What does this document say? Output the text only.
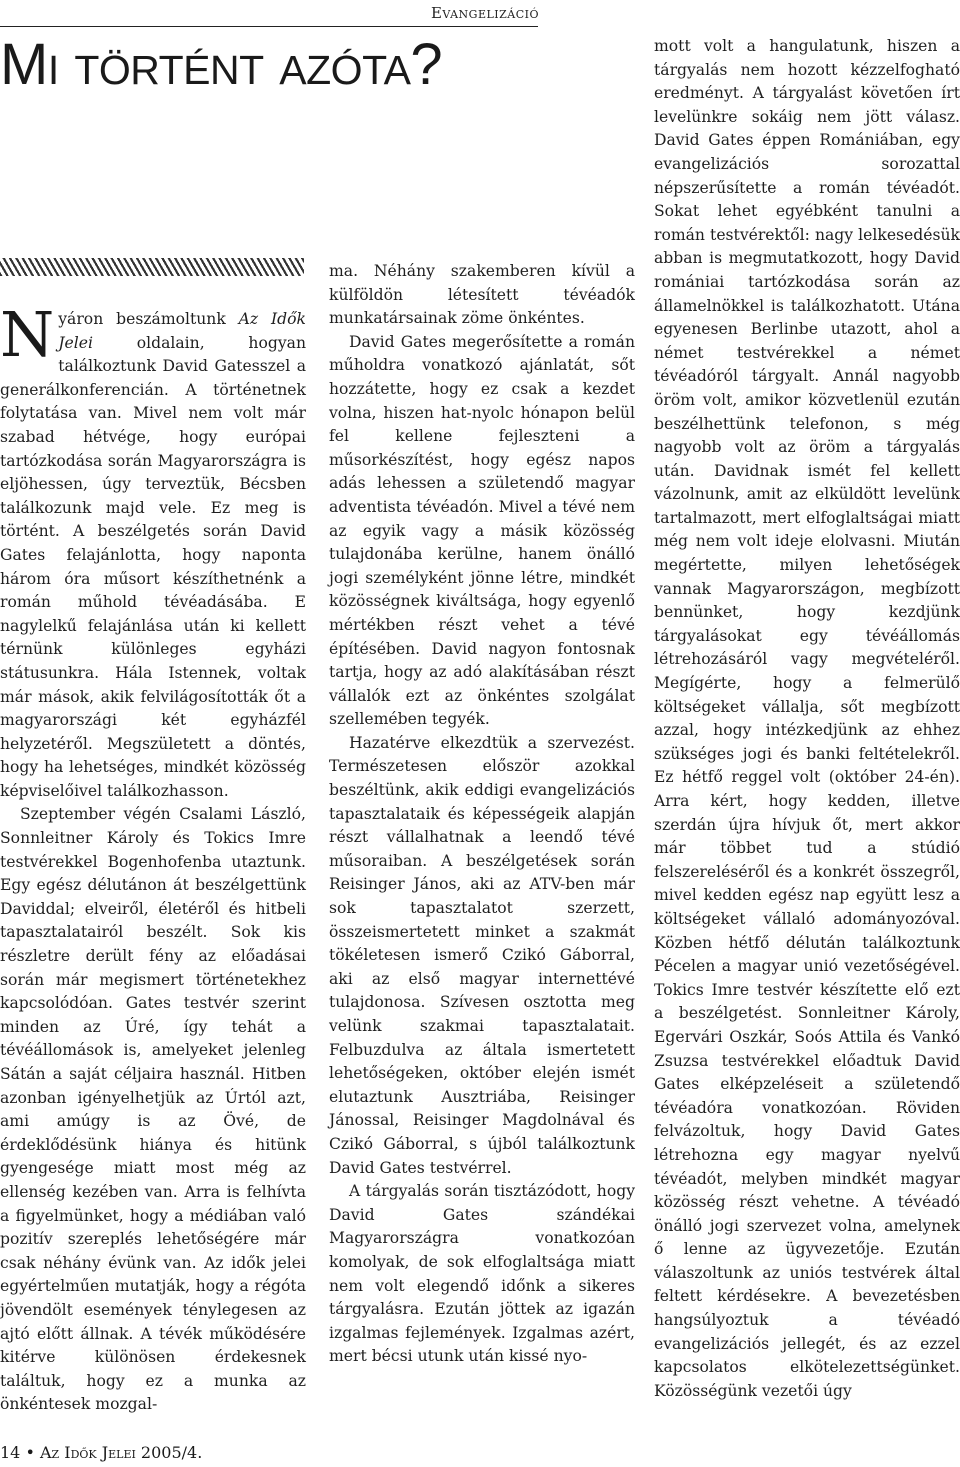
Evangelizáció
Mi történt azóta?

Nyáron beszámoltunk Az Idők Jelei oldalain, hogyan találkoztunk David Gatesszel a generálkonferencián. A történetnek folytatása van. Mivel nem volt már szabad hétvége, hogy európai tartózkodása során Magyarországra is eljöhessen, úgy terveztük, Bécsben találkozunk majd vele. Ez meg is történt. A beszélgetés során David Gates felajánlotta, hogy naponta három óra műsort készíthetnénk a román műhold tévéadásába. E nagylelkű felajánlása után ki kellett térnünk különleges egyházi státusunkra. Hála Istennek, voltak már mások, akik felvilágosították őt a magyarországi két egyházfél helyzetéről. Megszületett a döntés, hogy ha lehetséges, mindkét közösség képviselőivel találkozhasson.

Szeptember végén Csalami László, Sonnleitner Károly és Tokics Imre testvérekkel Bogenhofenba utaztunk. Egy egész délutánon át beszélgettünk Daviddal; elveiről, életéről és hitbeli tapasztalatairól beszélt. Sok kis részletre derült fény az előadásai során már megismert történetekhez kapcsolódóan. Gates testvér szerint minden az Úré, így tehát a tévéállomások is, amelyeket jelenleg Sátán a saját céljaira használ. Hitben azonban igényelhetjük az Úrtól azt, ami amúgy is az Övé, de érdeklődésünk hiánya és hitünk gyengesége miatt most még az ellenség kezében van. Arra is felhívta a figyelmünket, hogy a médiában való pozitív szereplés lehetőségére már csak néhány évünk van. Az idők jelei egyértelműen mutatják, hogy a régóta jövendölt események ténylegesen az ajtó előtt állnak. A tévék működésére kitérve különösen érdekesnek találtuk, hogy ez a munka az önkéntesek mozgal-

ma. Néhány szakemberen kívül a külföldön létesített tévéadók munkatársainak zöme önkéntes.

David Gates megerősítette a román műholdra vonatkozó ajánlatát, sőt hozzátette, hogy ez csak a kezdet volna, hiszen hat-nyolc hónapon belül fel kellene fejleszteni a műsorkészítést, hogy egész napos adás lehessen a születendő magyar adventista tévéadón. Mivel a tévé nem az egyik vagy a másik közösség tulajdonába kerülne, hanem önálló jogi személyként jönne létre, mindkét közösségnek kiváltsága, hogy egyenlő mértékben részt vehet a tévé építésében. David nagyon fontosnak tartja, hogy az adó alakításában részt vállalók ezt az önkéntes szolgálat szellemében tegyék.

Hazatérve elkezdtük a szervezést. Természetesen először azokkal beszéltünk, akik eddigi evangelizációs tapasztalataik és képességeik alapján részt vállalhatnak a leendő tévé műsoraiban. A beszélgetések során Reisinger János, aki az ATV-ben már sok tapasztalatot szerzett, összeismertetett minket a szakmát tökéletesen ismerő Czikó Gáborral, aki az első magyar internettévé tulajdonosa. Szívesen osztotta meg velünk szakmai tapasztalatait. Felbuzdulva az általa ismertetett lehetőségeken, október elején ismét elutaztunk Ausztriába, Reisinger Jánossal, Reisinger Magdolnával és Czikó Gáborral, s újból találkoztunk David Gates testvérrel.

A tárgyalás során tisztázódott, hogy David Gates szándékai Magyarországra vonatkozóan komolyak, de sok elfoglaltsága miatt nem volt elegendő időnk a sikeres tárgyalásra. Ezután jöttek az igazán izgalmas fejlemények. Izgalmas azért, mert bécsi utunk után kissé nyo-

mott volt a hangulatunk, hiszen a tárgyalás nem hozott kézzelfogható eredményt. A tárgyalást követően írt levelünkre sokáig nem jött válasz. David Gates éppen Romániában, egy evangelizációs sorozattal népszerűsítette a román tévéadót. Sokat lehet egyébként tanulni a román testvérektől: nagy lelkesedésük abban is megmutatkozott, hogy David romániai tartózkodása során az államelnökkel is találkozhatott. Utána egyenesen Berlinbe utazott, ahol a német testvérekkel a német tévéadóról tárgyalt. Annál nagyobb öröm volt, amikor közvetlenül ezután beszélhettünk telefonon, s még nagyobb volt az öröm a tárgyalás után. Davidnak ismét fel kellett vázolnunk, amit az elküldött levelünk tartalmazott, mert elfoglaltságai miatt még nem volt ideje elolvasni. Miután megértette, milyen lehetőségek vannak Magyarországon, megbízott bennünket, hogy kezdjünk tárgyalásokat egy tévéállomás létrehozásáról vagy megvételéről. Megígérte, hogy a felmerülő költségeket vállalja, sőt megbízott azzal, hogy intézkedjünk az ehhez szükséges jogi és banki feltételekről. Ez hétfő reggel volt (október 24-én). Arra kért, hogy kedden, illetve szerdán újra hívjuk őt, mert akkor már többet tud a stúdió felszereléséről és a konkrét összegről, mivel kedden egész nap együtt lesz a költségeket vállaló adományozóval. Közben hétfő délután találkoztunk Pécelen a magyar unió vezetőségével. Tokics Imre testvér készítette elő ezt a beszélgetést. Sonnleitner Károly, Egervári Oszkár, Soós Attila és Vankó Zsuzsa testvérekkel előadtuk David Gates elképzeléseit a születendő tévéadóra vonatkozóan. Röviden felvázoltuk, hogy David Gates létrehozna egy magyar nyelvű tévéadót, melyben mindkét magyar közösség részt vehetne. A tévéadó önálló jogi szervezet volna, amelynek ő lenne az ügyvezetője. Ezután válaszoltunk az uniós testvérek által feltett kérdésekre. A bevezetésben hangsúlyoztuk a tévéadó evangelizációs jellegét, és az ezzel kapcsolatos elkötelezettségünket. Közösségünk vezetői úgy

14 • Az Idők Jelei 2005/4.
